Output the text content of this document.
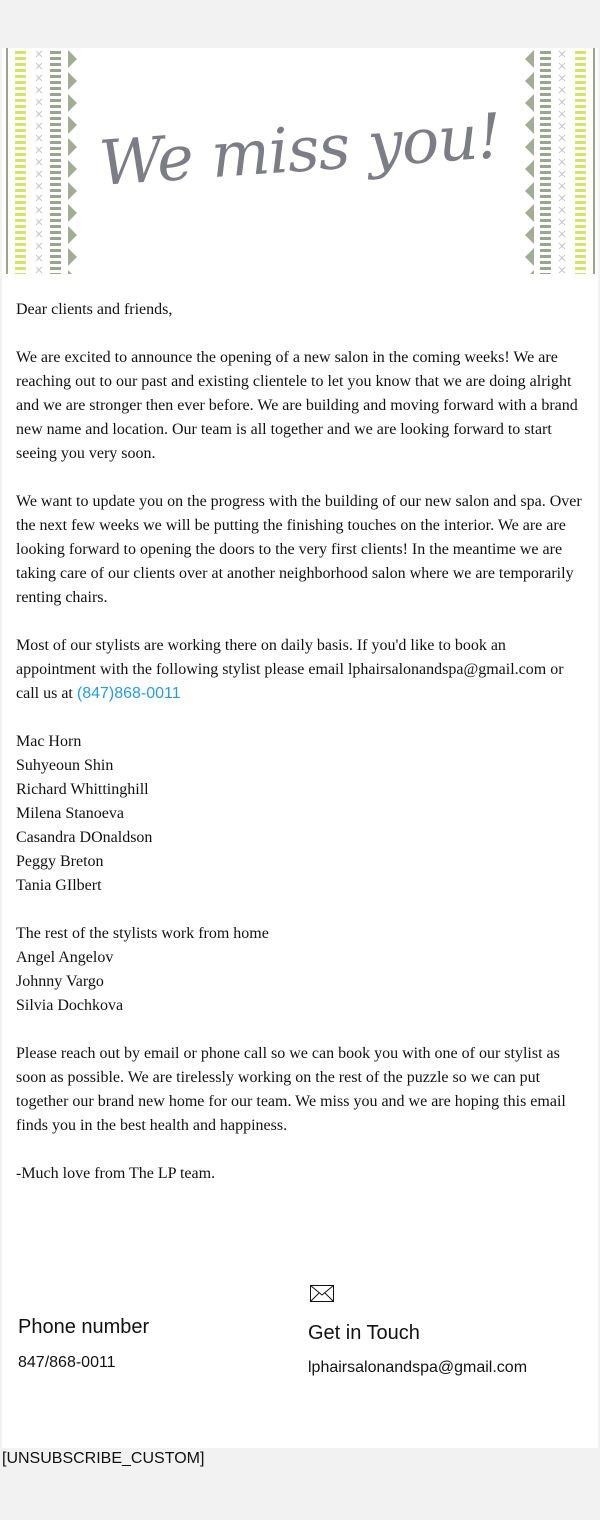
We miss you!

Dear clients and friends,

We are excited to announce the opening of a new salon in the coming weeks! We are reaching out to our past and existing clientele to let you know that we are doing alright and we are stronger then ever before. We are building and moving forward with a brand new name and location. Our team is all together and we are looking forward to start seeing you very soon.

We want to update you on the progress with the building of our new salon and spa. Over the next few weeks we will be putting the finishing touches on the interior. We are are looking forward to opening the doors to the very first clients! In the meantime we are taking care of our clients over at another neighborhood salon where we are temporarily renting chairs.

Most of our stylists are working there on daily basis. If you'd like to book an appointment with the following stylist please email lphairsalonandspa@gmail.com or call us at (847)868-0011

Mac Horn
Suhyeoun Shin
Richard Whittinghill
Milena Stanoeva
Casandra DOnaldson
Peggy Breton
Tania GIlbert

The rest of the stylists work from home
Angel Angelov
Johnny Vargo
Silvia Dochkova

Please reach out by email or phone call so we can book you with one of our stylist as soon as possible. We are tirelessly working on the rest of the puzzle so we can put together our brand new home for our team. We miss you and we are hoping this email finds you in the best health and happiness.

-Much love from The LP team.

Phone number
847/868-0011
Get in Touch
lphairsalonandspa@gmail.com
[UNSUBSCRIBE_CUSTOM]
